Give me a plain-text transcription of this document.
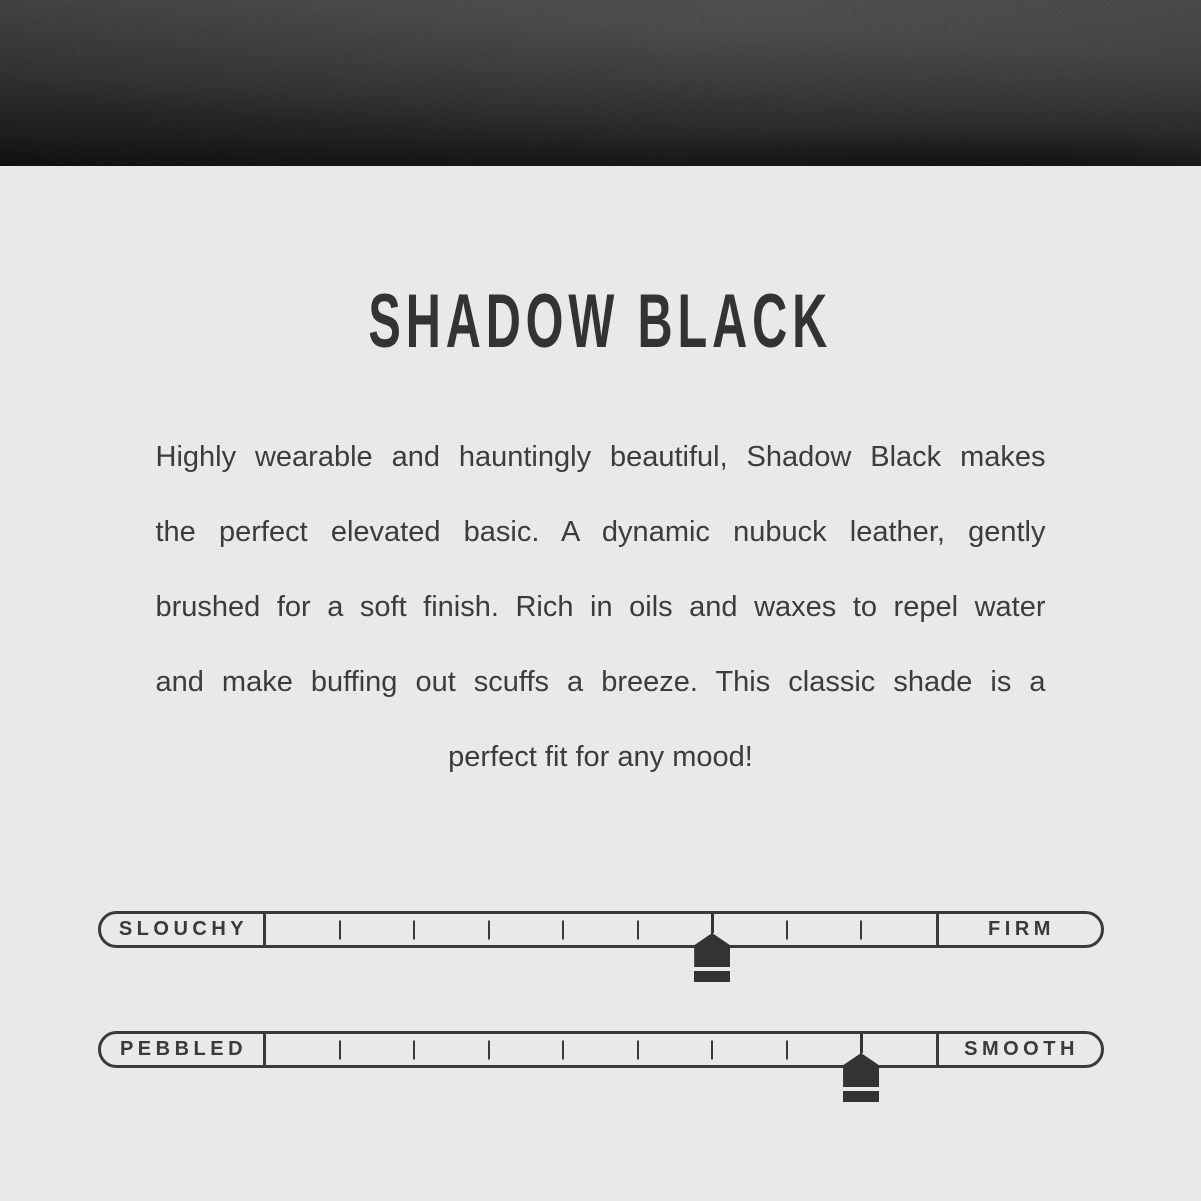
SHADOW BLACK
Highly wearable and hauntingly beautiful, Shadow Black makes
the perfect elevated basic. A dynamic nubuck leather, gently
brushed for a soft finish. Rich in oils and waxes to repel water
and make buffing out scuffs a breeze. This classic shade is a
perfect fit for any mood!
SLOUCHY	FIRM
PEBBLED	SMOOTH
